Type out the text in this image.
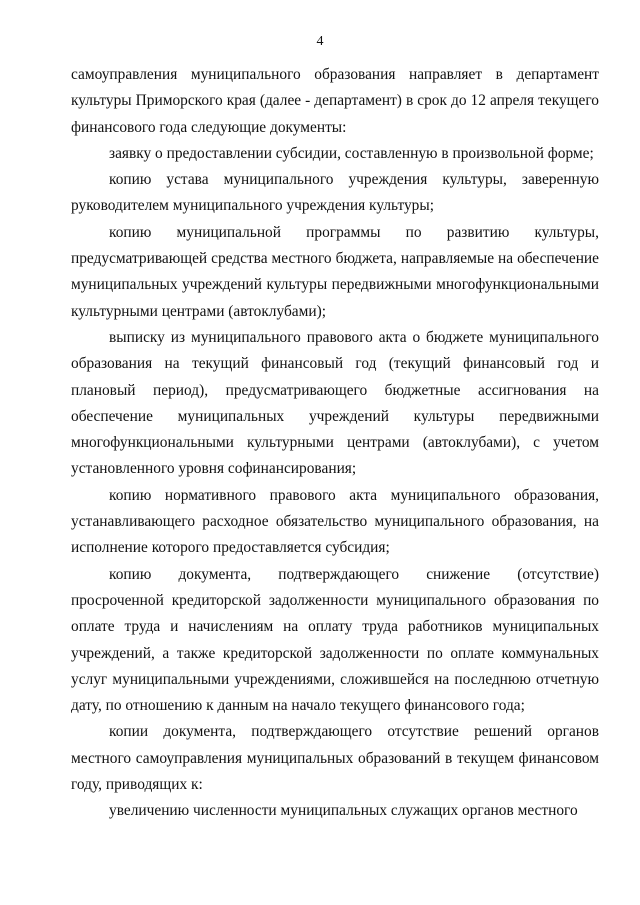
4

самоуправления муниципального образования направляет в департамент культуры Приморского края (далее - департамент) в срок до 12 апреля текущего финансового года следующие документы:

заявку о предоставлении субсидии, составленную в произвольной форме;

копию устава муниципального учреждения культуры, заверенную руководителем муниципального учреждения культуры;

копию муниципальной программы по развитию культуры, предусматривающей средства местного бюджета, направляемые на обеспечение муниципальных учреждений культуры передвижными многофункциональными культурными центрами (автоклубами);

выписку из муниципального правового акта о бюджете муниципального образования на текущий финансовый год (текущий финансовый год и плановый период), предусматривающего бюджетные ассигнования на обеспечение муниципальных учреждений культуры передвижными многофункциональными культурными центрами (автоклубами), с учетом установленного уровня софинансирования;

копию нормативного правового акта муниципального образования, устанавливающего расходное обязательство муниципального образования, на исполнение которого предоставляется субсидия;

копию документа, подтверждающего снижение (отсутствие) просроченной кредиторской задолженности муниципального образования по оплате труда и начислениям на оплату труда работников муниципальных учреждений, а также кредиторской задолженности по оплате коммунальных услуг муниципальными учреждениями, сложившейся на последнюю отчетную дату, по отношению к данным на начало текущего финансового года;

копии документа, подтверждающего отсутствие решений органов местного самоуправления муниципальных образований в текущем финансовом году, приводящих к:

увеличению численности муниципальных служащих органов местного
